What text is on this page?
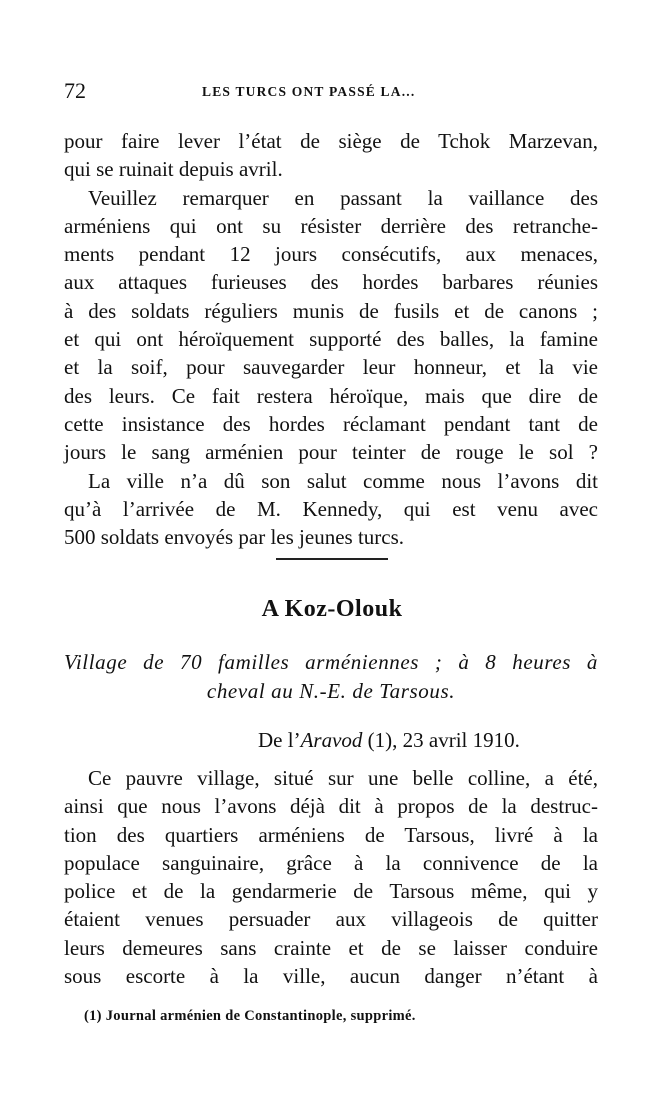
72	LES TURCS ONT PASSÉ LA...

pour faire lever l’état de siège de Tchok Marzevan,

qui se ruinait depuis avril.

Veuillez remarquer en passant la vaillance des

arméniens qui ont su résister derrière des retranche-

ments pendant 12 jours consécutifs, aux menaces,

aux attaques furieuses des hordes barbares réunies

à des soldats réguliers munis de fusils et de canons ;

et qui ont héroïquement supporté des balles, la famine

et la soif, pour sauvegarder leur honneur, et la vie

des leurs. Ce fait restera héroïque, mais que dire de

cette insistance des hordes réclamant pendant tant de

jours le sang arménien pour teinter de rouge le sol ?

La ville n’a dû son salut comme nous l’avons dit

qu’à l’arrivée de M. Kennedy, qui est venu avec

500 soldats envoyés par les jeunes turcs.

A Koz-Olouk
Village de 70 familles arméniennes ; à 8 heures à
cheval au N.-E. de Tarsous.
De l’Aravod (1), 23 avril 1910.

Ce pauvre village, situé sur une belle colline, a été,

ainsi que nous l’avons déjà dit à propos de la destruc-

tion des quartiers arméniens de Tarsous, livré à la

populace sanguinaire, grâce à la connivence de la

police et de la gendarmerie de Tarsous même, qui y

étaient venues persuader aux villageois de quitter

leurs demeures sans crainte et de se laisser conduire

sous escorte à la ville, aucun danger n’étant à

(1) Journal arménien de Constantinople, supprimé.
